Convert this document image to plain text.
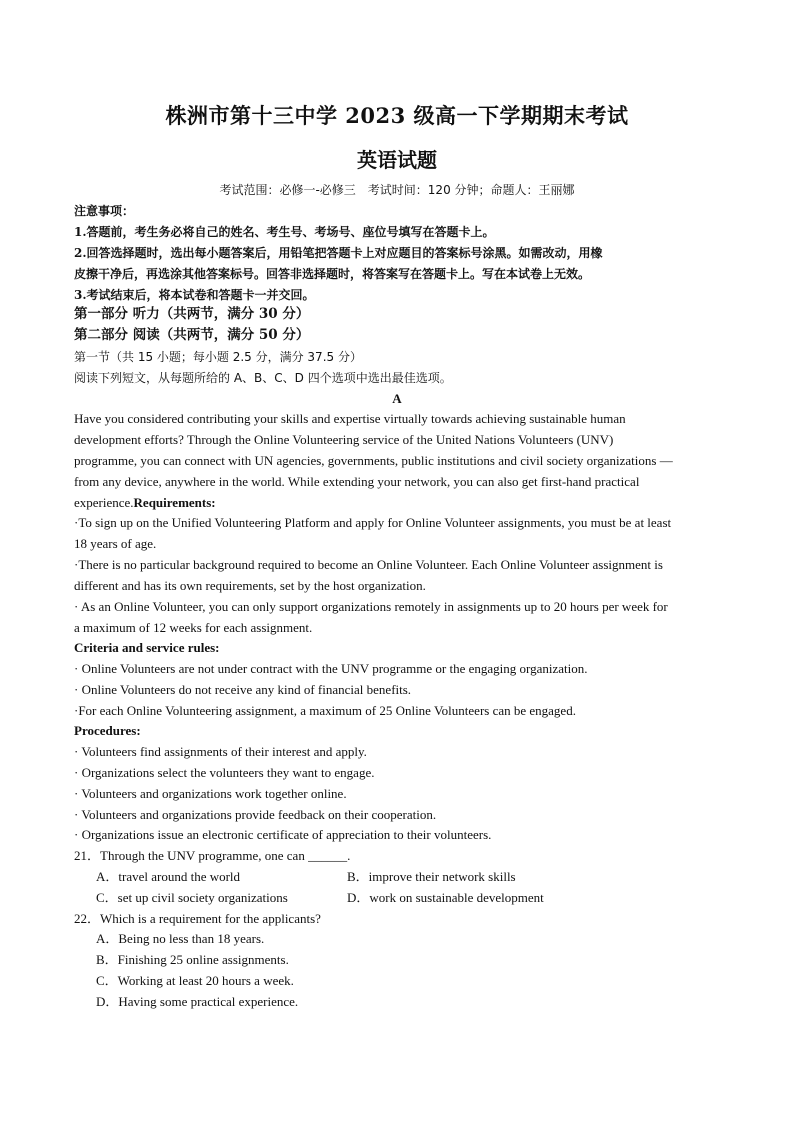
株洲市第十三中学 2023 级高一下学期期末考试
英语试题
考试范围：必修一-必修三　考试时间：120 分钟；命题人：王丽娜
注意事项：
1.答题前，考生务必将自己的姓名、考生号、考场号、座位号填写在答题卡上。
2.回答选择题时，选出每小题答案后，用铅笔把答题卡上对应题目的答案标号涂黑。如需改动，用橡
皮擦干净后，再选涂其他答案标号。回答非选择题时，将答案写在答题卡上。写在本试卷上无效。
3.考试结束后，将本试卷和答题卡一并交回。
第一部分 听力（共两节，满分 30 分）
第二部分 阅读（共两节，满分 50 分）
第一节（共 15 小题；每小题 2.5 分，满分 37.5 分）
阅读下列短文，从每题所给的 A、B、C、D 四个选项中选出最佳选项。
A
Have you considered contributing your skills and expertise virtually towards achieving sustainable human
development efforts? Through the Online Volunteering service of the United Nations Volunteers (UNV)
programme, you can connect with UN agencies, governments, public institutions and civil society organizations —
from any device, anywhere in the world. While extending your network, you can also get first-hand practical
experience.Requirements:
·To sign up on the Unified Volunteering Platform and apply for Online Volunteer assignments, you must be at least
18 years of age.
·There is no particular background required to become an Online Volunteer. Each Online Volunteer assignment is
different and has its own requirements, set by the host organization.
· As an Online Volunteer, you can only support organizations remotely in assignments up to 20 hours per week for
a maximum of 12 weeks for each assignment.
Criteria and service rules:
· Online Volunteers are not under contract with the UNV programme or the engaging organization.
· Online Volunteers do not receive any kind of financial benefits.
·For each Online Volunteering assignment, a maximum of 25 Online Volunteers can be engaged.
Procedures:
· Volunteers find assignments of their interest and apply.
· Organizations select the volunteers they want to engage.
· Volunteers and organizations work together online.
· Volunteers and organizations provide feedback on their cooperation.
· Organizations issue an electronic certificate of appreciation to their volunteers.
21．Through the UNV programme, one can ______.
A．travel around the world	B．improve their network skills
C．set up civil society organizations	D．work on sustainable development
22．Which is a requirement for the applicants?
A．Being no less than 18 years.
B．Finishing 25 online assignments.
C．Working at least 20 hours a week.
D．Having some practical experience.
